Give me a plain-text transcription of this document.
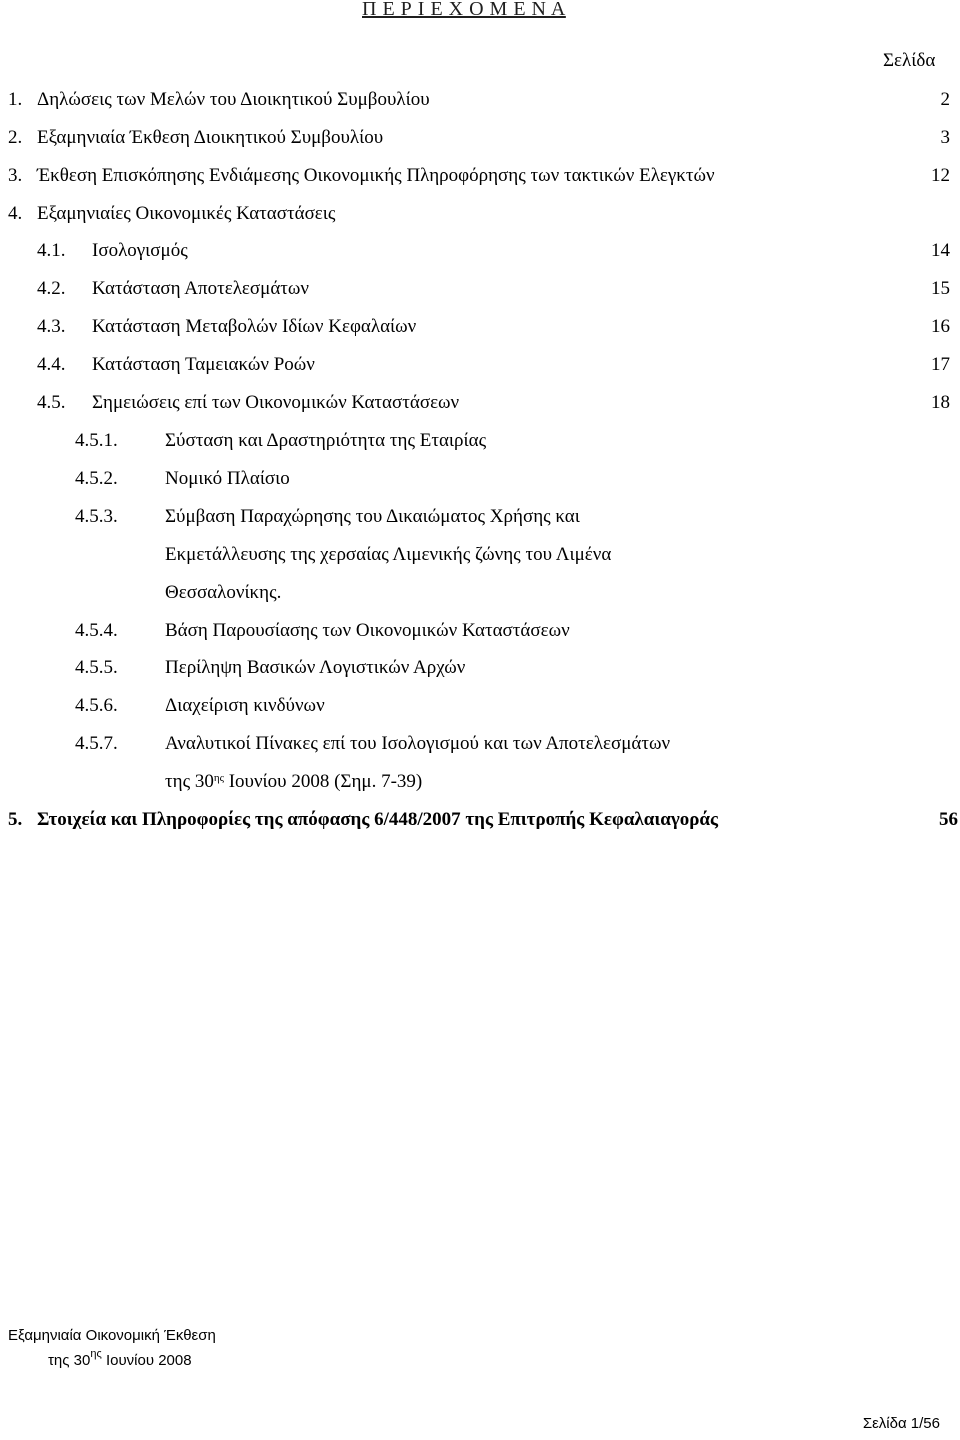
Π Ε Ρ Ι Ε Χ Ο Μ Ε Ν Α
Σελίδα
1. Δηλώσεις των Μελών του Διοικητικού Συμβουλίου	2
2. Εξαμηνιαία Έκθεση Διοικητικού Συμβουλίου	3
3. Έκθεση Επισκόπησης Ενδιάμεσης Οικονομικής Πληροφόρησης των τακτικών Ελεγκτών	12
4. Εξαμηνιαίες Οικονομικές Καταστάσεις
4.1. Ισολογισμός	14
4.2. Κατάσταση Αποτελεσμάτων	15
4.3. Κατάσταση Μεταβολών Ιδίων Κεφαλαίων	16
4.4. Κατάσταση Ταμειακών Ροών	17
4.5. Σημειώσεις επί των Οικονομικών Καταστάσεων	18
4.5.1. Σύσταση και Δραστηριότητα της Εταιρίας
4.5.2. Νομικό Πλαίσιο
4.5.3. Σύμβαση Παραχώρησης του Δικαιώματος Χρήσης και
Εκμετάλλευσης της χερσαίας Λιμενικής ζώνης του Λιμένα
Θεσσαλονίκης.
4.5.4. Βάση Παρουσίασης των Οικονομικών Καταστάσεων
4.5.5. Περίληψη Βασικών Λογιστικών Αρχών
4.5.6. Διαχείριση κινδύνων
4.5.7. Αναλυτικοί Πίνακες επί του Ισολογισμού και των Αποτελεσμάτων
της $30^{\eta\varsigma}$ Ιουνίου 2008 (Σημ. 7-39)
5. Στοιχεία και Πληροφορίες της απόφασης 6/448/2007 της Επιτροπής Κεφαλαιαγοράς	56
Εξαμηνιαία Οικονομική Έκθεση
της $30^{\eta\varsigma}$ Ιουνίου 2008
Σελίδα 1/56
